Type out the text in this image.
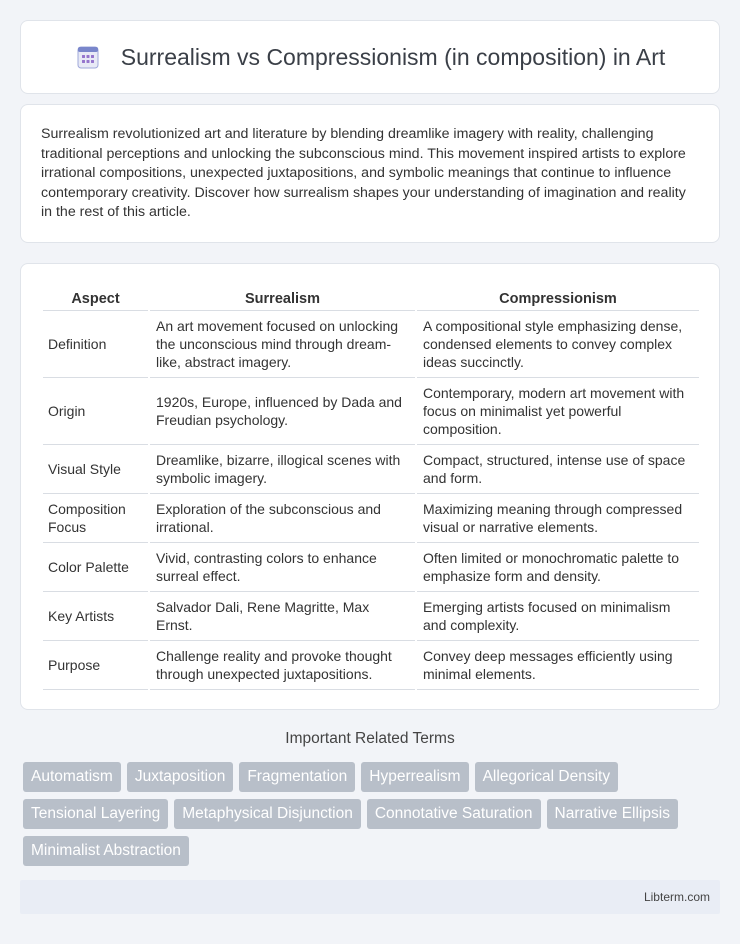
Surrealism vs Compressionism (in composition) in Art

Surrealism revolutionized art and literature by blending dreamlike imagery with reality, challenging traditional perceptions and unlocking the subconscious mind. This movement inspired artists to explore irrational compositions, unexpected juxtapositions, and symbolic meanings that continue to influence contemporary creativity. Discover how surrealism shapes your understanding of imagination and reality in the rest of this article.

Aspect	Surrealism	Compressionism
Definition	An art movement focused on unlocking the unconscious mind through dream-like, abstract imagery.	A compositional style emphasizing dense, condensed elements to convey complex ideas succinctly.
Origin	1920s, Europe, influenced by Dada and Freudian psychology.	Contemporary, modern art movement with focus on minimalist yet powerful composition.
Visual Style	Dreamlike, bizarre, illogical scenes with symbolic imagery.	Compact, structured, intense use of space and form.
Composition Focus	Exploration of the subconscious and irrational.	Maximizing meaning through compressed visual or narrative elements.
Color Palette	Vivid, contrasting colors to enhance surreal effect.	Often limited or monochromatic palette to emphasize form and density.
Key Artists	Salvador Dali, Rene Magritte, Max Ernst.	Emerging artists focused on minimalism and complexity.
Purpose	Challenge reality and provoke thought through unexpected juxtapositions.	Convey deep messages efficiently using minimal elements.
Important Related Terms
Automatism	Juxtaposition	Fragmentation	Hyperrealism	Allegorical Density
Tensional Layering	Metaphysical Disjunction	Connotative Saturation	Narrative Ellipsis
Minimalist Abstraction
Libterm.com
